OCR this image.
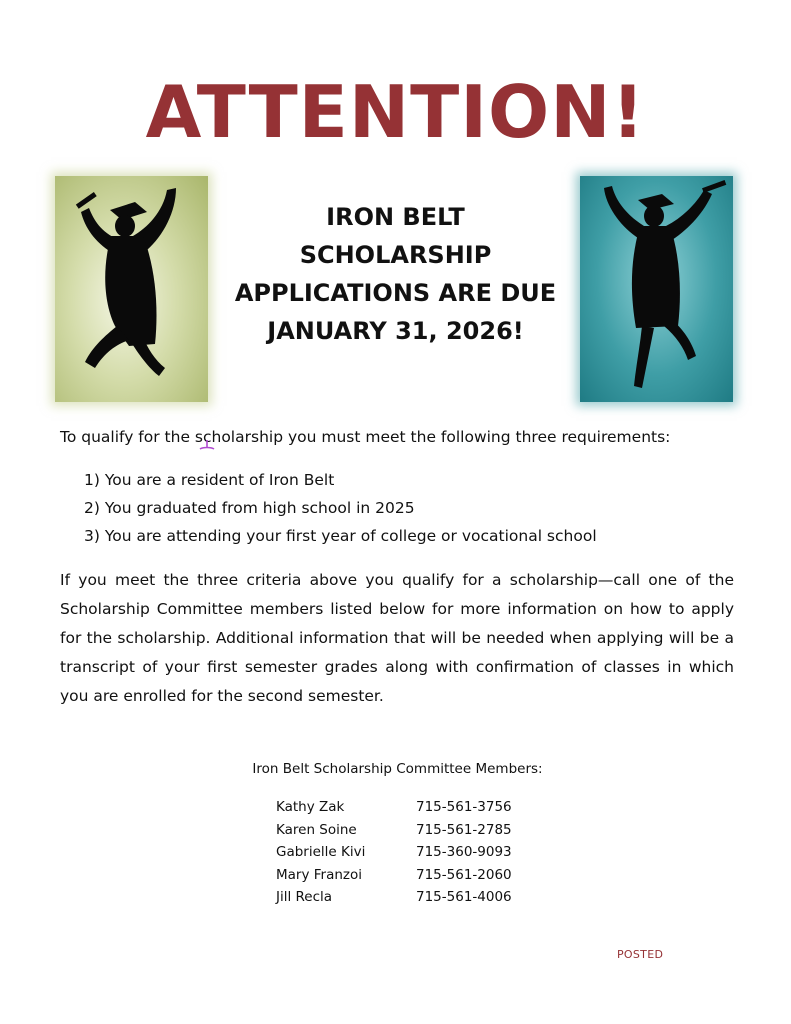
ATTENTION!
IRON BELT
SCHOLARSHIP
APPLICATIONS ARE DUE
JANUARY 31, 2026!
To qualify for the scholarship you must meet the following three requirements:
1) You are a resident of Iron Belt
2) You graduated from high school in 2025
3) You are attending your first year of college or vocational school
If you meet the three criteria above you qualify for a scholarship—call one of the Scholarship Committee members listed below for more information on how to apply for the scholarship. Additional information that will be needed when applying will be a transcript of your first semester grades along with confirmation of classes in which you are enrolled for the second semester.
Iron Belt Scholarship Committee Members:
Kathy Zak	715-561-3756
Karen Soine	715-561-2785
Gabrielle Kivi	715-360-9093
Mary Franzoi	715-561-2060
Jill Recla	715-561-4006
POSTED
